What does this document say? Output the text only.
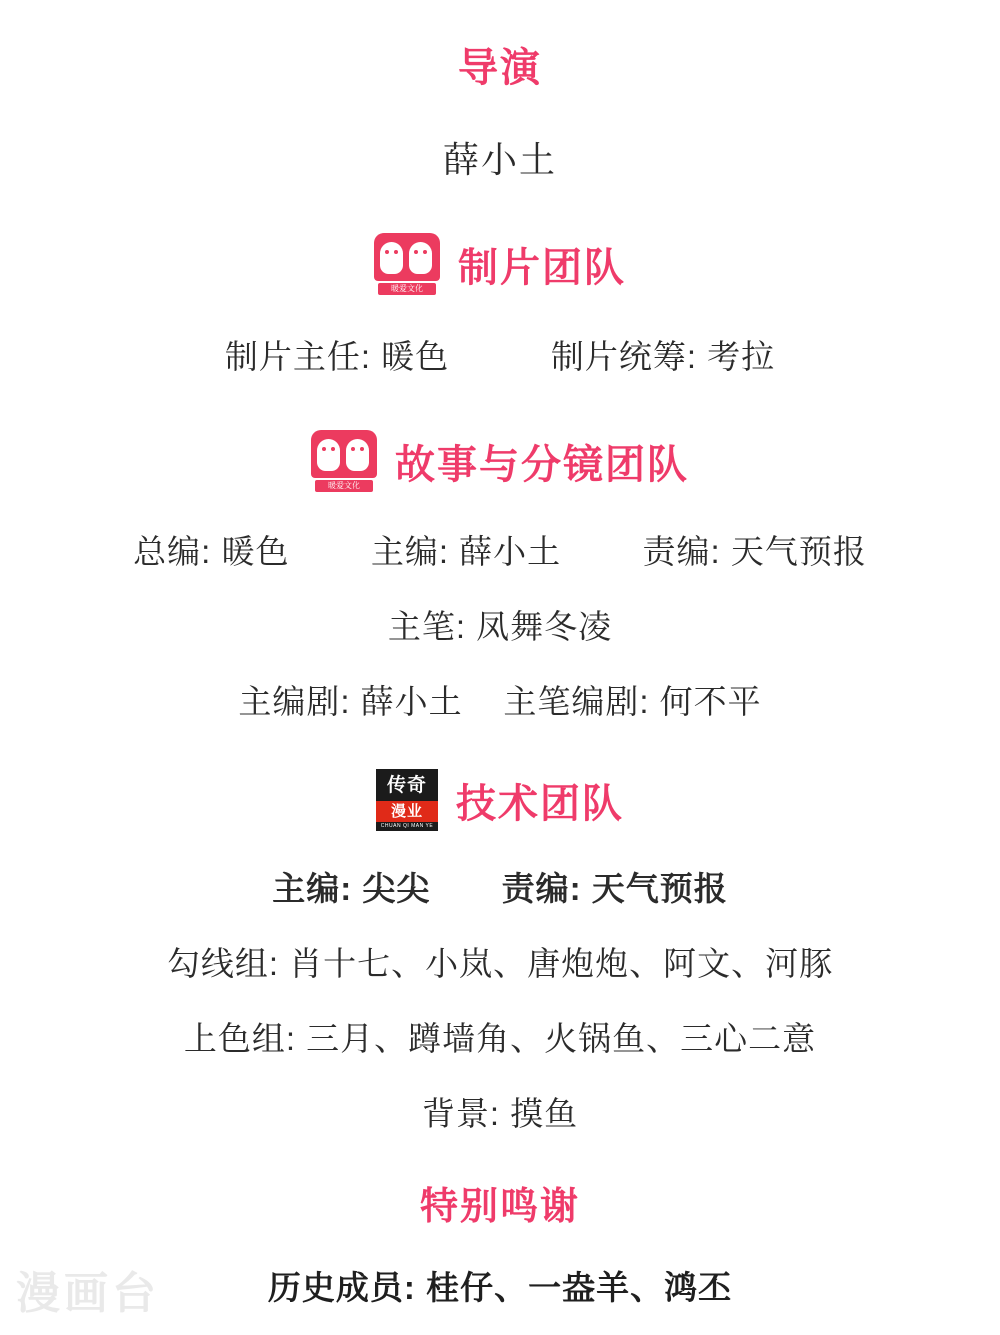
导演
薛小土
暖爱文化 制片团队
制片主任: 暖色          制片统筹: 考拉
暖爱文化 故事与分镜团队
总编: 暖色        主编: 薛小土        责编: 天气预报
主笔: 凤舞冬凌
主编剧: 薛小土    主笔编剧: 何不平
传奇
漫业
CHUAN QI MAN YE
技术团队
主编: 尖尖       责编: 天气预报
勾线组: 肖十七、小岚、唐炮炮、阿文、河豚
上色组: 三月、蹲墙角、火锅鱼、三心二意
背景: 摸鱼
特别鸣谢
历史成员: 桂仔、一盎羊、鸿丕
漫画台
